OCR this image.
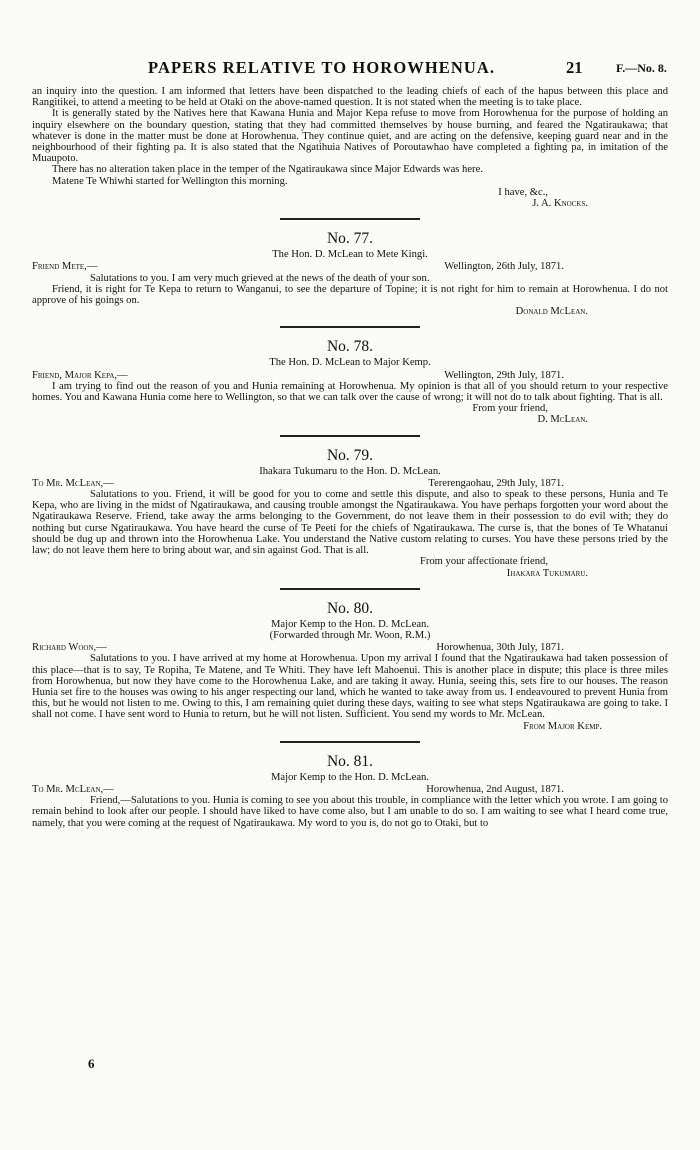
PAPERS RELATIVE TO HOROWHENUA.	21	F.—No. 8.

an inquiry into the question. I am informed that letters have been dispatched to the leading chiefs of each of the hapus between this place and Rangitikei, to attend a meeting to be held at Otaki on the above-named question. It is not stated when the meeting is to take place.

It is generally stated by the Natives here that Kawana Hunia and Major Kepa refuse to move from Horowhenua for the purpose of holding an inquiry elsewhere on the boundary question, stating that they had committed themselves by house burning, and feared the Ngatiraukawa; that whatever is done in the matter must be done at Horowhenua. They continue quiet, and are acting on the defensive, keeping guard near and in the neighbourhood of their fighting pa. It is also stated that the Ngatihuia Natives of Poroutawhao have completed a fighting pa, in imitation of the Muaupoto.

There has no alteration taken place in the temper of the Ngatiraukawa since Major Edwards was here.

Matene Te Whiwhi started for Wellington this morning.

I have, &c.,

J. A. Knocks.

No. 77.

The Hon. D. McLean to Mete Kingi.

Friend Mete,—	Wellington, 26th July, 1871.

Salutations to you. I am very much grieved at the news of the death of your son.

Friend, it is right for Te Kepa to return to Wanganui, to see the departure of Topine; it is not right for him to remain at Horowhenua. I do not approve of his goings on.

Donald McLean.

No. 78.

The Hon. D. McLean to Major Kemp.

Friend, Major Kepa,—	Wellington, 29th July, 1871.

I am trying to find out the reason of you and Hunia remaining at Horowhenua. My opinion is that all of you should return to your respective homes. You and Kawana Hunia come here to Wellington, so that we can talk over the cause of wrong; it will not do to talk about fighting. That is all.

From your friend,

D. McLean.

No. 79.

Ihakara Tukumaru to the Hon. D. McLean.

To Mr. McLean,—	Tererengaohau, 29th July, 1871.

Salutations to you. Friend, it will be good for you to come and settle this dispute, and also to speak to these persons, Hunia and Te Kepa, who are living in the midst of Ngatiraukawa, and causing trouble amongst the Ngatiraukawa. You have perhaps forgotten your word about the Ngatiraukawa Reserve. Friend, take away the arms belonging to the Government, do not leave them in their possession to do evil with; they do nothing but curse Ngatiraukawa. You have heard the curse of Te Peeti for the chiefs of Ngatiraukawa. The curse is, that the bones of Te Whatanui should be dug up and thrown into the Horowhenua Lake. You understand the Native custom relating to curses. You have these persons tried by the law; do not leave them here to bring about war, and sin against God. That is all.

From your affectionate friend,

Ihakara Tukumaru.

No. 80.

Major Kemp to the Hon. D. McLean.

(Forwarded through Mr. Woon, R.M.)

Richard Woon,—	Horowhenua, 30th July, 1871.

Salutations to you. I have arrived at my home at Horowhenua. Upon my arrival I found that the Ngatiraukawa had taken possession of this place—that is to say, Te Ropiha, Te Matene, and Te Whiti. They have left Mahoenui. This is another place in dispute; this place is three miles from Horowhenua, but now they have come to the Horowhenua Lake, and are taking it away. Hunia, seeing this, sets fire to our houses. The reason Hunia set fire to the houses was owing to his anger respecting our land, which he wanted to take away from us. I endeavoured to prevent Hunia from this, but he would not listen to me. Owing to this, I am remaining quiet during these days, waiting to see what steps Ngatiraukawa are going to take. I shall not come. I have sent word to Hunia to return, but he will not listen. Sufficient. You send my words to Mr. McLean.

From Major Kemp.

No. 81.

Major Kemp to the Hon. D. McLean.

To Mr. McLean,—	Horowhenua, 2nd August, 1871.

Friend,—Salutations to you. Hunia is coming to see you about this trouble, in compliance with the letter which you wrote. I am going to remain behind to look after our people. I should have liked to have come also, but I am unable to do so. I am waiting to see what I heard come true, namely, that you were coming at the request of Ngatiraukawa. My word to you is, do not go to Otaki, but to

6
